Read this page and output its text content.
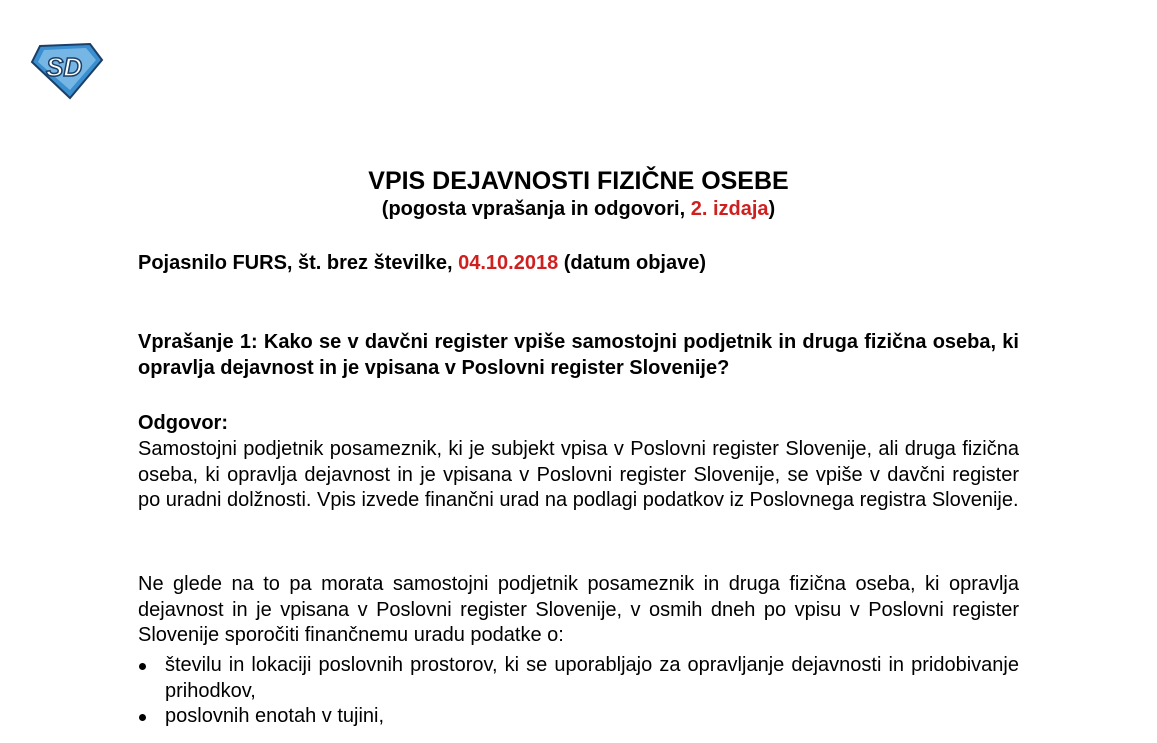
SD
VPIS DEJAVNOSTI FIZIČNE OSEBE
(pogosta vprašanja in odgovori, 2. izdaja)
Pojasnilo FURS, št. brez številke, 04.10.2018 (datum objave)
Vprašanje 1: Kako se v davčni register vpiše samostojni podjetnik in druga fizična oseba, ki opravlja dejavnost in je vpisana v Poslovni register Slovenije?
Odgovor:
Samostojni podjetnik posameznik, ki je subjekt vpisa v Poslovni register Slovenije, ali druga fizična oseba, ki opravlja dejavnost in je vpisana v Poslovni register Slovenije, se vpiše v davčni register po uradni dolžnosti. Vpis izvede finančni urad na podlagi podatkov iz Poslovnega registra Slovenije.
Ne glede na to pa morata samostojni podjetnik posameznik in druga fizična oseba, ki opravlja dejavnost in je vpisana v Poslovni register Slovenije, v osmih dneh po vpisu v Poslovni register Slovenije sporočiti finančnemu uradu podatke o:
številu in lokaciji poslovnih prostorov, ki se uporabljajo za opravljanje dejavnosti in pridobivanje prihodkov,
poslovnih enotah v tujini,
